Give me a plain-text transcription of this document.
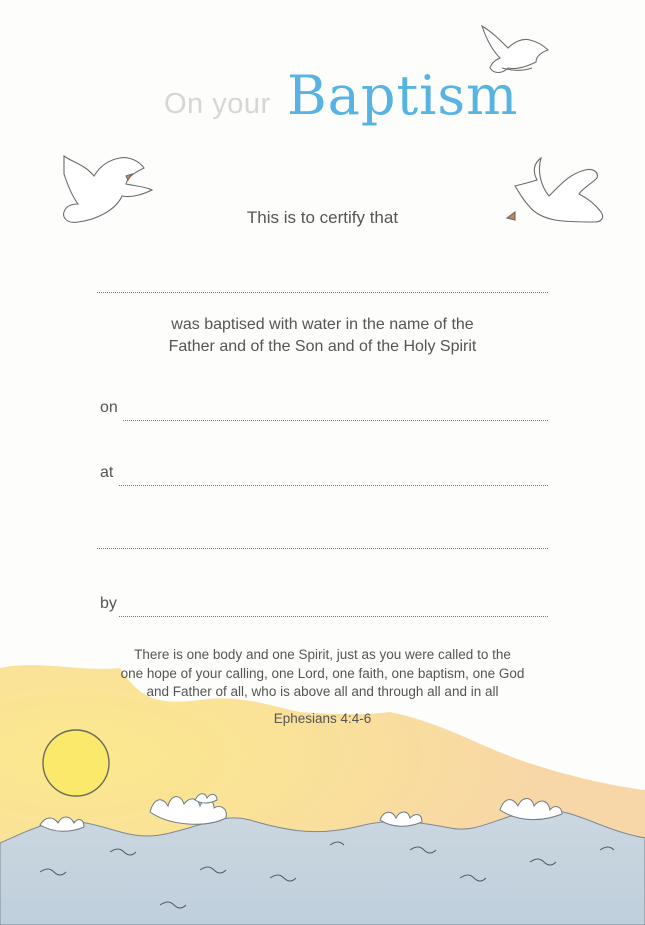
On your Baptism
This is to certify that
was baptised with water in the name of the
Father and of the Son and of the Holy Spirit
on
at
by
There is one body and one Spirit, just as you were called to the
one hope of your calling, one Lord, one faith, one baptism, one God
and Father of all, who is above all and through all and in all
Ephesians 4:4-6
